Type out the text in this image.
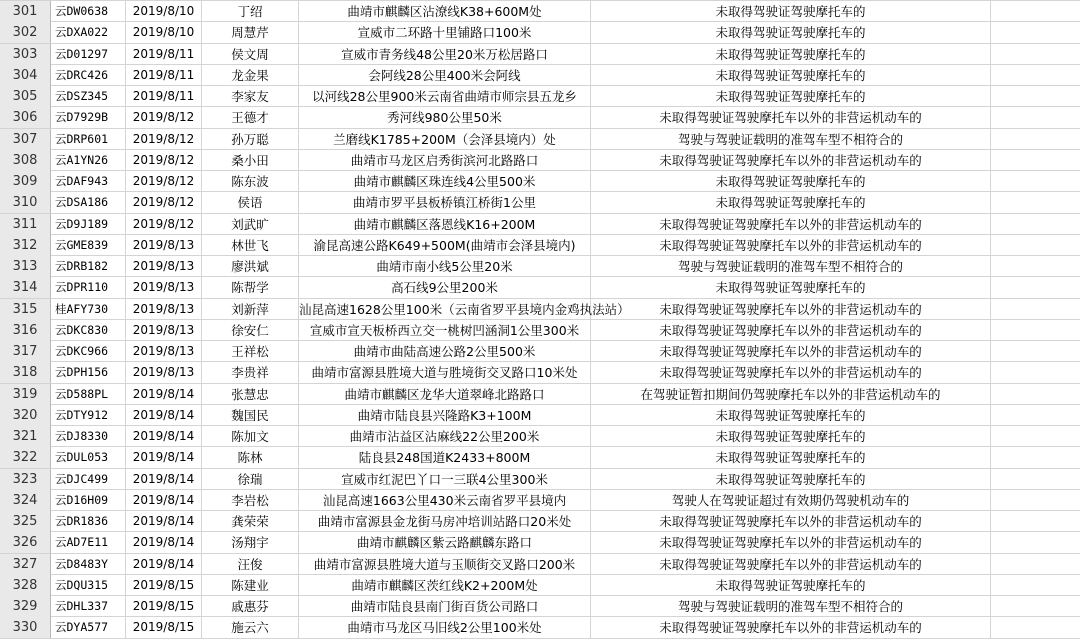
301	云DW0638	2019/8/10	丁绍	曲靖市麒麟区沾潦线K38+600M处	未取得驾驶证驾驶摩托车的
302	云DXA022	2019/8/10	周慧芹	宣威市二环路十里铺路口100米	未取得驾驶证驾驶摩托车的
303	云D01297	2019/8/11	侯文周	宣威市青务线48公里20米万松居路口	未取得驾驶证驾驶摩托车的
304	云DRC426	2019/8/11	龙金果	会阿线28公里400米会阿线	未取得驾驶证驾驶摩托车的
305	云DSZ345	2019/8/11	李家友	以河线28公里900米云南省曲靖市师宗县五龙乡	未取得驾驶证驾驶摩托车的
306	云D7929B	2019/8/12	王德才	秀河线980公里50米	未取得驾驶证驾驶摩托车以外的非营运机动车的
307	云DRP601	2019/8/12	孙万聪	兰磨线K1785+200M（会泽县境内）处	驾驶与驾驶证载明的准驾车型不相符合的
308	云A1YN26	2019/8/12	桑小田	曲靖市马龙区启秀街滨河北路路口	未取得驾驶证驾驶摩托车以外的非营运机动车的
309	云DAF943	2019/8/12	陈东波	曲靖市麒麟区珠连线4公里500米	未取得驾驶证驾驶摩托车的
310	云DSA186	2019/8/12	侯语	曲靖市罗平县板桥镇江桥街1公里	未取得驾驶证驾驶摩托车的
311	云D9J189	2019/8/12	刘武旷	曲靖市麒麟区落恩线K16+200M	未取得驾驶证驾驶摩托车以外的非营运机动车的
312	云GME839	2019/8/13	林世飞	渝昆高速公路K649+500M(曲靖市会泽县境内)	未取得驾驶证驾驶摩托车以外的非营运机动车的
313	云DRB182	2019/8/13	廖洪斌	曲靖市南小线5公里20米	驾驶与驾驶证载明的准驾车型不相符合的
314	云DPR110	2019/8/13	陈帮学	高石线9公里200米	未取得驾驶证驾驶摩托车的
315	桂AFY730	2019/8/13	刘新萍	汕昆高速1628公里100米（云南省罗平县境内金鸡执法站）	未取得驾驶证驾驶摩托车以外的非营运机动车的
316	云DKC830	2019/8/13	徐安仁	宣威市宣天板桥西立交一桃树凹涵洞1公里300米	未取得驾驶证驾驶摩托车以外的非营运机动车的
317	云DKC966	2019/8/13	王祥松	曲靖市曲陆高速公路2公里500米	未取得驾驶证驾驶摩托车以外的非营运机动车的
318	云DPH156	2019/8/13	李贵祥	曲靖市富源县胜境大道与胜境街交叉路口10米处	未取得驾驶证驾驶摩托车以外的非营运机动车的
319	云D588PL	2019/8/14	张慧忠	曲靖市麒麟区龙华大道翠峰北路路口	在驾驶证暂扣期间仍驾驶摩托车以外的非营运机动车的
320	云DTY912	2019/8/14	魏国民	曲靖市陆良县兴隆路K3+100M	未取得驾驶证驾驶摩托车的
321	云DJ8330	2019/8/14	陈加文	曲靖市沾益区沾麻线22公里200米	未取得驾驶证驾驶摩托车的
322	云DUL053	2019/8/14	陈林	陆良县248国道K2433+800M	未取得驾驶证驾驶摩托车的
323	云DJC499	2019/8/14	徐瑞	宣威市红泥巴丫口一三联4公里300米	未取得驾驶证驾驶摩托车的
324	云D16H09	2019/8/14	李岩松	汕昆高速1663公里430米云南省罗平县境内	驾驶人在驾驶证超过有效期仍驾驶机动车的
325	云DR1836	2019/8/14	龚荣荣	曲靖市富源县金龙街马房冲培训站路口20米处	未取得驾驶证驾驶摩托车以外的非营运机动车的
326	云AD7E11	2019/8/14	汤翔宇	曲靖市麒麟区紫云路麒麟东路口	未取得驾驶证驾驶摩托车以外的非营运机动车的
327	云D8483Y	2019/8/14	汪俊	曲靖市富源县胜境大道与玉顺街交叉路口200米	未取得驾驶证驾驶摩托车以外的非营运机动车的
328	云DQU315	2019/8/15	陈建业	曲靖市麒麟区茨红线K2+200M处	未取得驾驶证驾驶摩托车的
329	云DHL337	2019/8/15	戚惠芬	曲靖市陆良县南门街百货公司路口	驾驶与驾驶证载明的准驾车型不相符合的
330	云DYA577	2019/8/15	施云六	曲靖市马龙区马旧线2公里100米处	未取得驾驶证驾驶摩托车以外的非营运机动车的
